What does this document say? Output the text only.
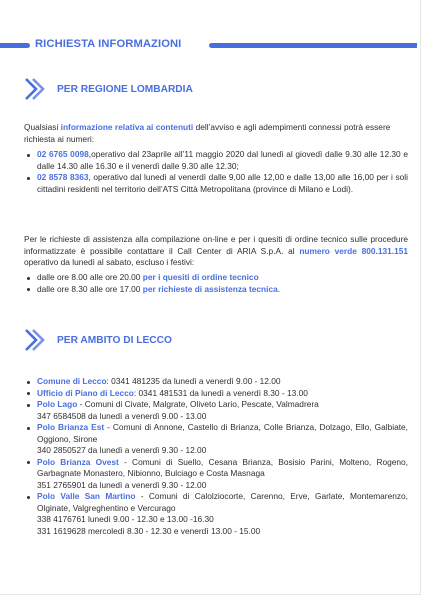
RICHIESTA INFORMAZIONI
PER REGIONE LOMBARDIA
Qualsiasi informazione relativa ai contenuti dell’avviso e agli adempimenti connessi potrà essere richiesta ai numeri:
02 6765 0098,operativo dal 23aprile all’11 maggio 2020 dal lunedì al giovedì dalle 9.30 alle 12.30 e dalle 14.30 alle 16.30 e il venerdì dalle 9.30 alle 12.30;
02 8578 8363, operativo dal lunedì al venerdì dalle 9,00 alle 12,00 e dalle 13,00 alle 16,00 per i soli cittadini residenti nel territorio dell’ATS Città Metropolitana (province di Milano e Lodi).
Per le richieste di assistenza alla compilazione on-line e per i quesiti di ordine tecnico sulle procedure informatizzate è possibile contattare il Call Center di ARIA S.p.A. al numero verde 800.131.151 operativo da lunedì al sabato, escluso i festivi:
dalle ore 8.00 alle ore 20.00 per i quesiti di ordine tecnico
dalle ore 8.30 alle ore 17.00 per richieste di assistenza tecnica.
PER AMBITO DI LECCO
Comune di Lecco: 0341 481235 da lunedì a venerdì 9.00 - 12.00
Ufficio di Piano di Lecco: 0341 481531 da lunedì a venerdì 8.30 - 13.00
Polo Lago - Comuni di Civate, Malgrate, Oliveto Lario, Pescate, Valmadrera
347 6584508 da lunedì a venerdì 9.00 - 13.00
Polo Brianza Est - Comuni di Annone, Castello di Brianza, Colle Brianza, Dolzago, Ello, Galbiate, Oggiono, Sirone
340 2850527 da lunedì a venerdì 9.30 - 12.00
Polo Brianza Ovest - Comuni di Suello, Cesana Brianza, Bosisio Parini, Molteno, Rogeno, Garbagnate Monastero, Nibionno, Bulciago e Costa Masnaga
351 2765901 da lunedì a venerdì 9.30 - 12.00
Polo Valle San Martino - Comuni di Calolziocorte, Carenno, Erve, Garlate, Montemarenzo, Olginate, Valgreghentino e Vercurago
338 4176761 lunedì 9.00 - 12.30 e 13.00 -16.30
331 1619628 mercoledì 8.30 - 12.30 e venerdì 13.00 - 15.00
